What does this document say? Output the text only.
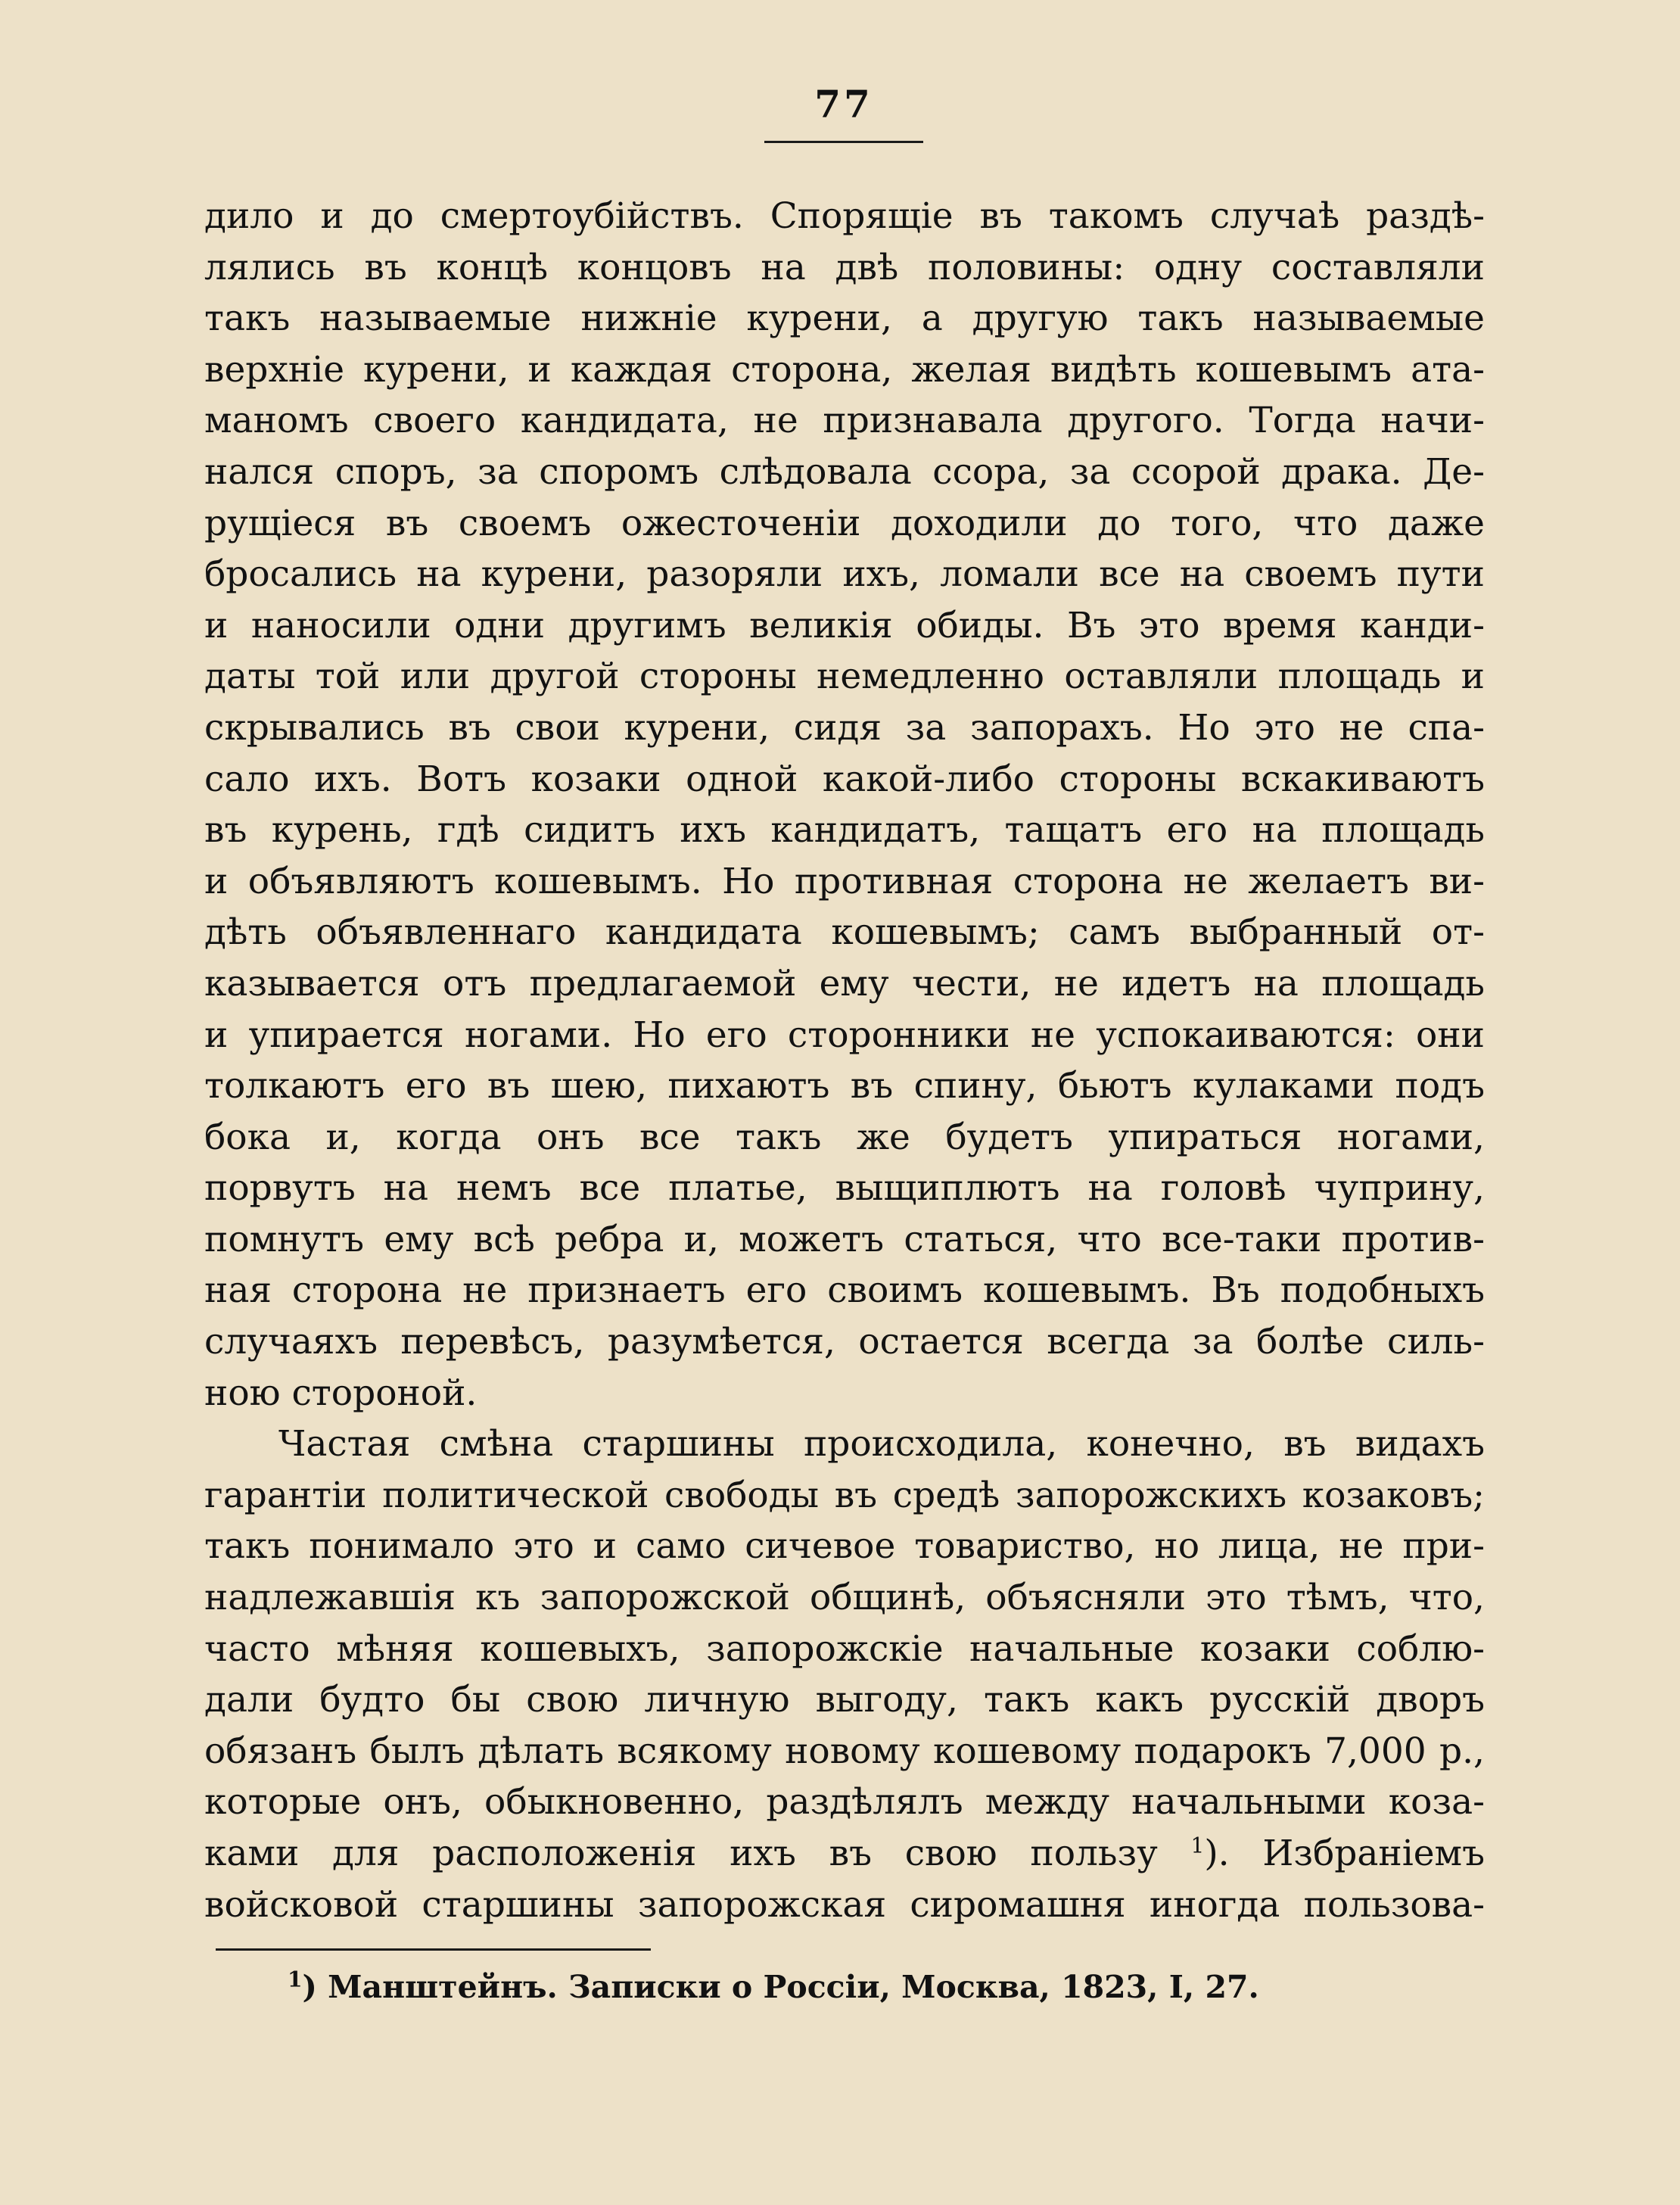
77
дило и до смертоубійствъ. Спорящіе въ такомъ случаѣ раздѣ-
лялись въ концѣ концовъ на двѣ половины: одну составляли
такъ называемые нижніе курени, а другую такъ называемые
верхніе курени, и каждая сторона, желая видѣть кошевымъ ата-
маномъ своего кандидата, не признавала другого. Тогда начи-
нался споръ, за споромъ слѣдовала ссора, за ссорой драка. Де-
рущіеся въ своемъ ожесточеніи доходили до того, что даже
бросались на курени, разоряли ихъ, ломали все на своемъ пути
и наносили одни другимъ великія обиды. Въ это время канди-
даты той или другой стороны немедленно оставляли площадь и
скрывались въ свои курени, сидя за запорахъ. Но это не спа-
сало ихъ. Вотъ козаки одной какой-либо стороны вскакиваютъ
въ курень, гдѣ сидитъ ихъ кандидатъ, тащатъ его на площадь
и объявляютъ кошевымъ. Но противная сторона не желаетъ ви-
дѣть объявленнаго кандидата кошевымъ; самъ выбранный от-
казывается отъ предлагаемой ему чести, не идетъ на площадь
и упирается ногами. Но его сторонники не успокаиваются: они
толкаютъ его въ шею, пихаютъ въ спину, бьютъ кулаками подъ
бока и, когда онъ все такъ же будетъ упираться ногами,
порвутъ на немъ все платье, выщиплютъ на головѣ чуприну,
помнутъ ему всѣ ребра и, можетъ статься, что все-таки против-
ная сторона не признаетъ его своимъ кошевымъ. Въ подобныхъ
случаяхъ перевѣсъ, разумѣется, остается всегда за болѣе силь-
ною стороной.
Частая смѣна старшины происходила, конечно, въ видахъ
гарантіи политической свободы въ средѣ запорожскихъ козаковъ;
такъ понимало это и само сичевое товариство, но лица, не при-
надлежавшія къ запорожской общинѣ, объясняли это тѣмъ, что,
часто мѣняя кошевыхъ, запорожскіе начальные козаки соблю-
дали будто бы свою личную выгоду, такъ какъ русскій дворъ
обязанъ былъ дѣлать всякому новому кошевому подарокъ 7,000 р.,
которые онъ, обыкновенно, раздѣлялъ между начальными коза-
ками для расположенія ихъ въ свою пользу $^1$). Избраніемъ
войсковой старшины запорожская сиромашня иногда пользова-
$^1$) Манштейнъ. Записки о Россіи, Москва, 1823, I, 27.
